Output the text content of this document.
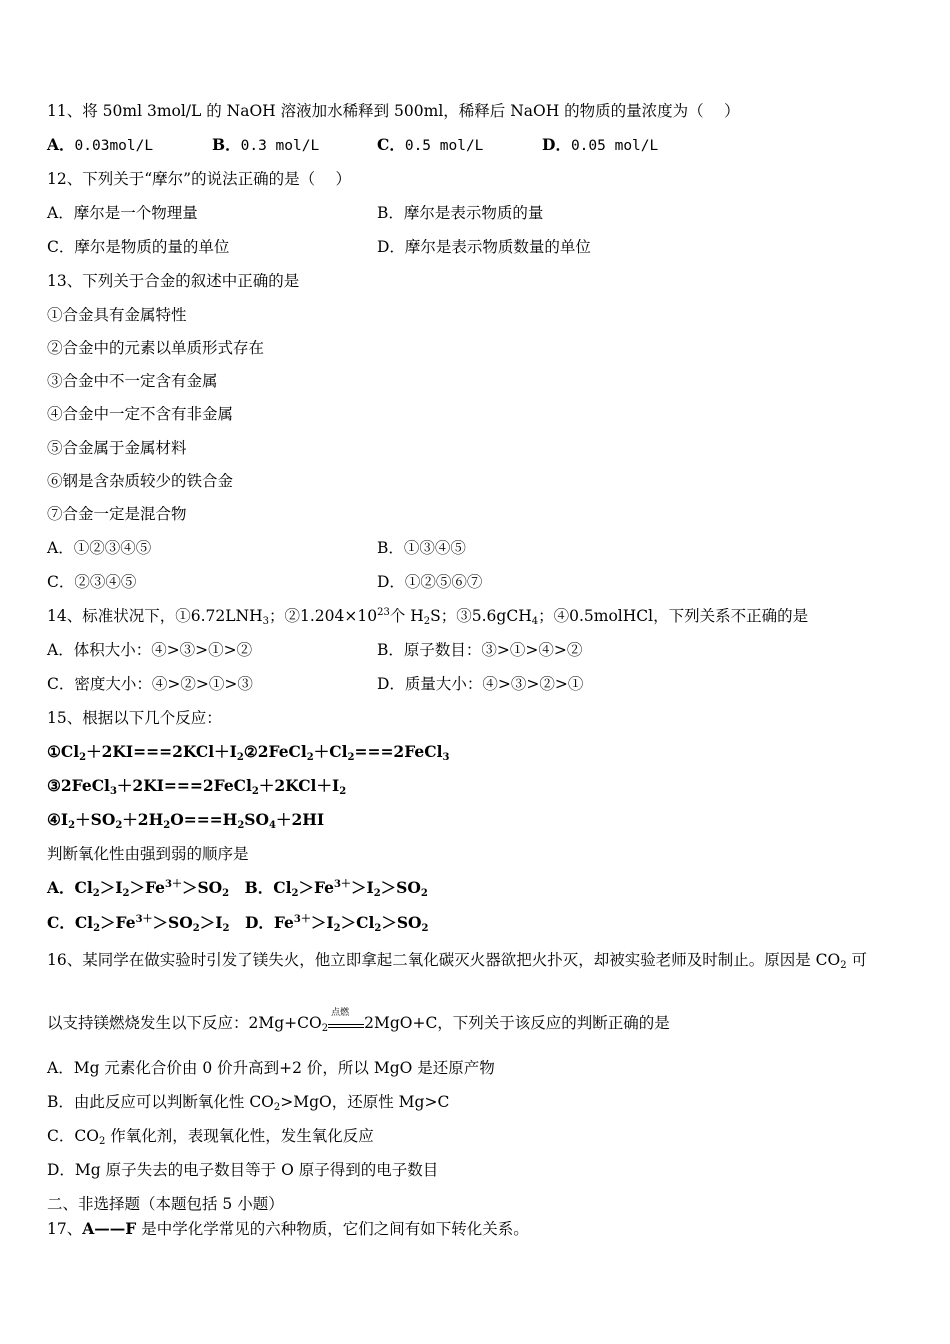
11、将 50ml 3mol/L 的 NaOH 溶液加水稀释到 500ml，稀释后 NaOH 的物质的量浓度为（　 ）
A．0.03mol/L	B．0.3 mol/L	C．0.5 mol/L	D．0.05 mol/L
12、下列关于“摩尔”的说法正确的是（　 ）
A．摩尔是一个物理量	B．摩尔是表示物质的量
C．摩尔是物质的量的单位	D．摩尔是表示物质数量的单位
13、下列关于合金的叙述中正确的是
①合金具有金属特性
②合金中的元素以单质形式存在
③合金中不一定含有金属
④合金中一定不含有非金属
⑤合金属于金属材料
⑥钢是含杂质较少的铁合金
⑦合金一定是混合物
A．①②③④⑤	B．①③④⑤
C．②③④⑤	D．①②⑤⑥⑦
14、标准状况下，$①6.72LNH_3$；$②1.204\times 10^{23}$个 $H_2S$；③5.6gCH$_4$；④0.5molHCl，下列关系不正确的是
A．体积大小：④>③>①>②	B．原子数目：③>①>④>②
C．密度大小：④>②>①>③	D．质量大小：④>③>②>①
15、根据以下几个反应：
$①Cl_2+2KI===2KCl+I_2②2FeCl_2+Cl_2===2FeCl_3$
$③2FeCl_3+2KI===2FeCl_2+2KCl+I_2$
$④I_2+SO_2+2H_2O===H_2SO_4+2HI$
判断氧化性由强到弱的顺序是
A．$Cl_2>I_2>Fe^{3+}>SO_2$　B．$Cl_2>Fe^{3+}>I_2>SO_2$
C．$Cl_2>Fe^{3+}>SO_2>I_2$　D．$Fe^{3+}>I_2>Cl_2>SO_2$
16、某同学在做实验时引发了镁失火，他立即拿起二氧化碳灭火器欲把火扑灭，却被实验老师及时制止。原因是 $CO_2$ 可
以支持镁燃烧发生以下反应：$2Mg+CO_2$
点燃
2MgO+C，下列关于该反应的判断正确的是
A．Mg 元素化合价由 0 价升高到+2 价，所以 MgO 是还原产物
B．由此反应可以判断氧化性 $CO_2>MgO$，还原性 Mg>C
C．$CO_2$ 作氧化剂，表现氧化性，发生氧化反应
D．Mg 原子失去的电子数目等于 O 原子得到的电子数目
二、非选择题（本题包括 5 小题）
17、A——F 是中学化学常见的六种物质，它们之间有如下转化关系。
